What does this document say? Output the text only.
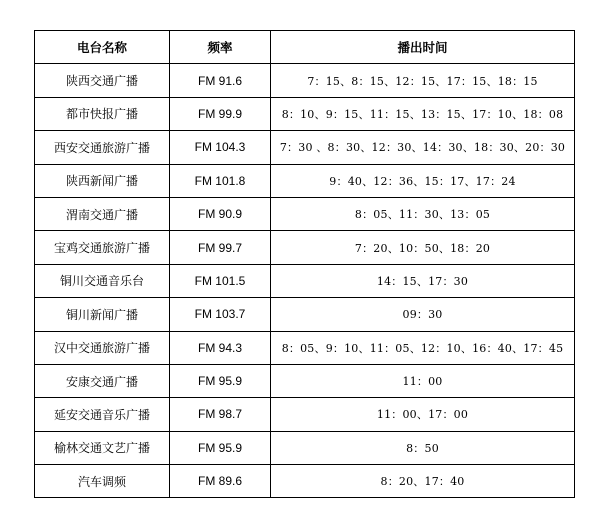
电台名称	频率	播出时间
陕西交通广播	FM 91.6	7：15、8：15、12：15、17：15、18：15
都市快报广播	FM 99.9	8：10、9：15、11：15、13：15、17：10、18：08
西安交通旅游广播	FM 104.3	7：30 、8：30、12：30、14：30、18：30、20：30
陕西新闻广播	FM 101.8	9：40、12：36、15：17、17：24
渭南交通广播	FM 90.9	8：05、11：30、13：05
宝鸡交通旅游广播	FM 99.7	7：20、10：50、18：20
铜川交通音乐台	FM 101.5	14：15、17：30
铜川新闻广播	FM 103.7	09：30
汉中交通旅游广播	FM 94.3	8：05、9：10、11：05、12：10、16：40、17：45
安康交通广播	FM 95.9	11：00
延安交通音乐广播	FM 98.7	11：00、17：00
榆林交通文艺广播	FM 95.9	8：50
汽车调频	FM 89.6	8：20、17：40
